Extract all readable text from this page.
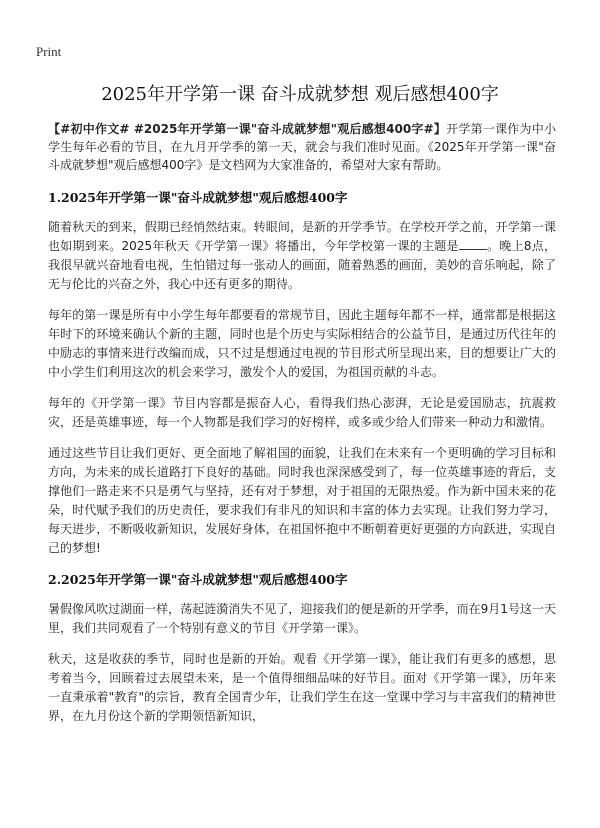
Print
2025年开学第一课 奋斗成就梦想 观后感想400字

【#初中作文# #2025年开学第一课"奋斗成就梦想"观后感想400字#】开学第一课作为中小学生每年必看的节目，在九月开学季的第一天，就会与我们准时见面。《2025年开学第一课"奋斗成就梦想"观后感想400字》是文档网为大家准备的，希望对大家有帮助。

1.2025年开学第一课"奋斗成就梦想"观后感想400字

随着秋天的到来，假期已经悄然结束。转眼间，是新的开学季节。在学校开学之前，开学第一课也如期到来。2025年秋天《开学第一课》将播出，今年学校第一课的主题是 。晚上8点，我很早就兴奋地看电视，生怕错过每一张动人的画面，随着熟悉的画面，美妙的音乐响起，除了无与伦比的兴奋之外，我心中还有更多的期待。

每年的第一课是所有中小学生每年都要看的常规节目，因此主题每年都不一样，通常都是根据这年时下的环境来确认个新的主题，同时也是个历史与实际相结合的公益节目，是通过历代往年的中励志的事情来进行改编而成，只不过是想通过电视的节目形式所呈现出来，目的想要让广大的中小学生们利用这次的机会来学习，激发个人的爱国，为祖国贡献的斗志。

每年的《开学第一课》节目内容都是振奋人心，看得我们热心澎湃，无论是爱国励志，抗震救灾，还是英雄事迹，每一个人物都是我们学习的好榜样，或多或少给人们带来一种动力和激情。

通过这些节目让我们更好、更全面地了解祖国的面貌，让我们在未来有一个更明确的学习目标和方向，为未来的成长道路打下良好的基础。同时我也深深感受到了，每一位英雄事迹的背后，支撑他们一路走来不只是勇气与坚持，还有对于梦想，对于祖国的无限热爱。作为新中国未来的花朵，时代赋予我们的历史责任，要求我们有非凡的知识和丰富的体力去实现。让我们努力学习，每天进步，不断吸收新知识，发展好身体，在祖国怀抱中不断朝着更好更强的方向跃进，实现自己的梦想!

2.2025年开学第一课"奋斗成就梦想"观后感想400字

暑假像风吹过湖面一样，荡起涟漪消失不见了，迎接我们的便是新的开学季，而在9月1号这一天里，我们共同观看了一个特别有意义的节目《开学第一课》。

秋天，这是收获的季节，同时也是新的开始。观看《开学第一课》，能让我们有更多的感想，思考着当今，回顾着过去展望未来，是一个值得细细品味的好节目。面对《开学第一课》，历年来一直秉承着"教育"的宗旨，教育全国青少年，让我们学生在这一堂课中学习与丰富我们的精神世界，在九月份这个新的学期领悟新知识，
